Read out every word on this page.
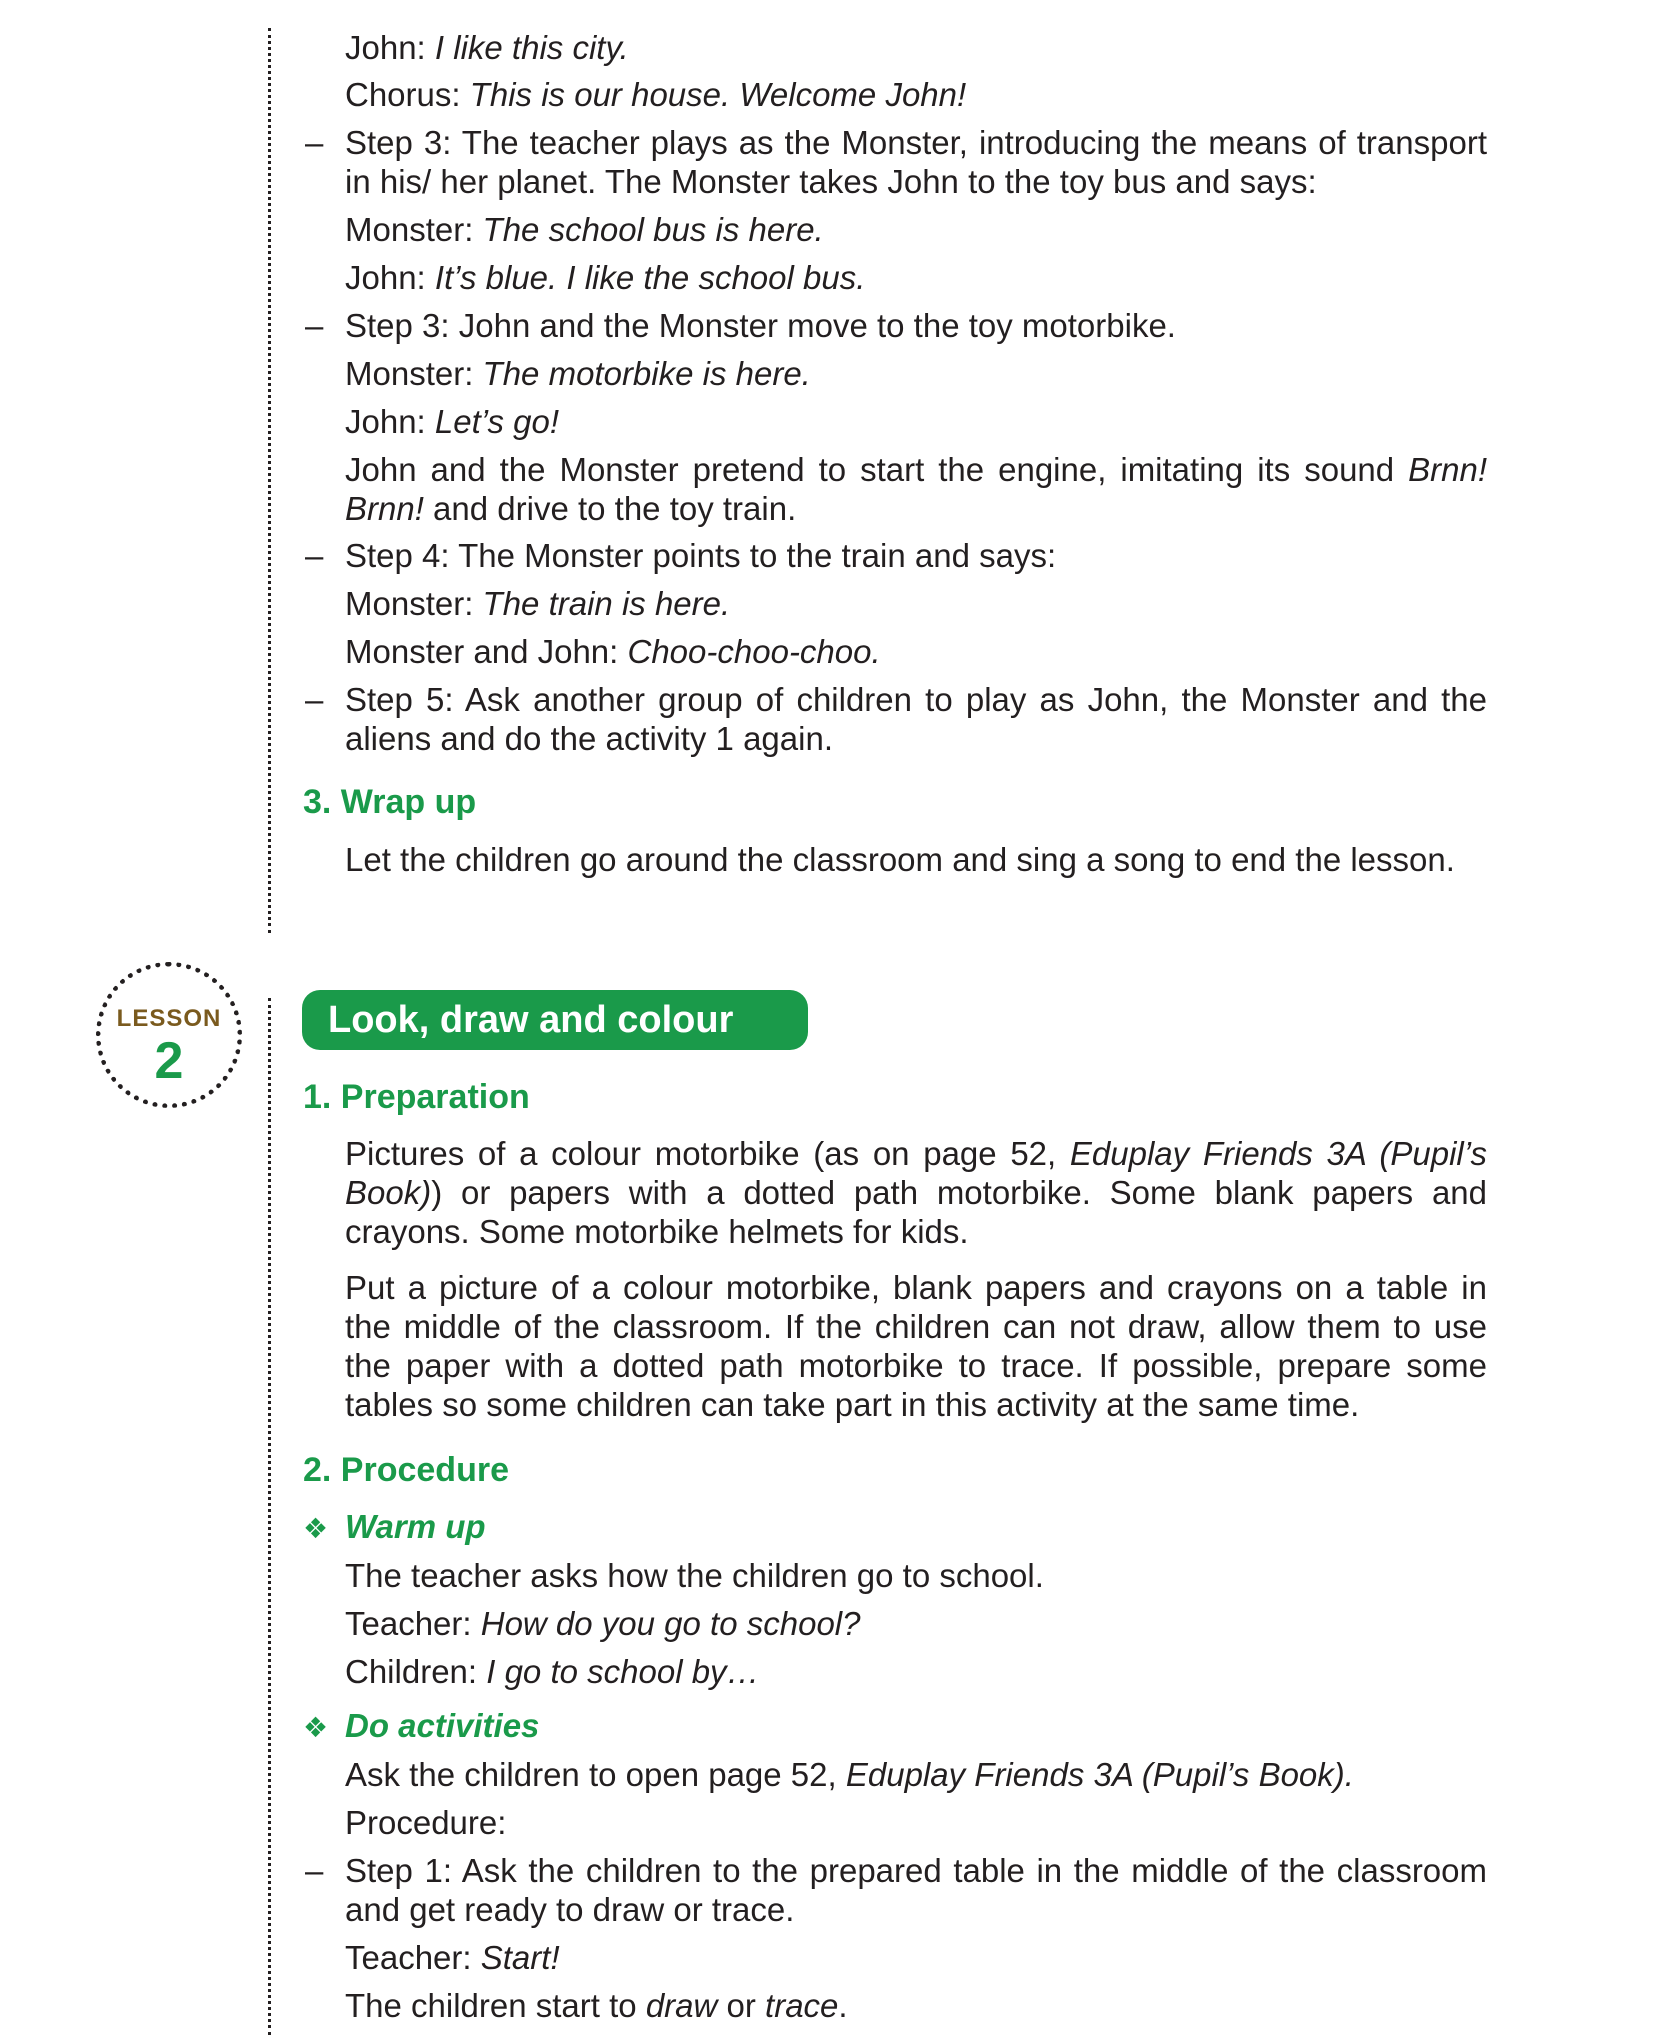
John: I like this city.

Chorus: This is our house. Welcome John!

– Step 3: The teacher plays as the Monster, introducing the means of transport in his/ her planet. The Monster takes John to the toy bus and says:

Monster: The school bus is here.

John: It’s blue. I like the school bus.

– Step 3: John and the Monster move to the toy motorbike.

Monster: The motorbike is here.

John: Let’s go!

John and the Monster pretend to start the engine, imitating its sound Brnn! Brnn! and drive to the toy train.

– Step 4: The Monster points to the train and says:

Monster: The train is here.

Monster and John: Choo-choo-choo.

– Step 5: Ask another group of children to play as John, the Monster and the aliens and do the activity 1 again.

3. Wrap up

Let the children go around the classroom and sing a song to end the lesson.

LESSON
2
Look, draw and colour
1. Preparation

Pictures of a colour motorbike (as on page 52, Eduplay Friends 3A (Pupil’s Book)) or papers with a dotted path motorbike. Some blank papers and crayons. Some motorbike helmets for kids.

Put a picture of a colour motorbike, blank papers and crayons on a table in the middle of the classroom. If the children can not draw, allow them to use the paper with a dotted path motorbike to trace. If possible, prepare some tables so some children can take part in this activity at the same time.

2. Procedure

❖ Warm up

The teacher asks how the children go to school.

Teacher: How do you go to school?

Children: I go to school by…

❖ Do activities

Ask the children to open page 52, Eduplay Friends 3A (Pupil’s Book).

Procedure:

– Step 1: Ask the children to the prepared table in the middle of the classroom and get ready to draw or trace.

Teacher: Start!

The children start to draw or trace.
